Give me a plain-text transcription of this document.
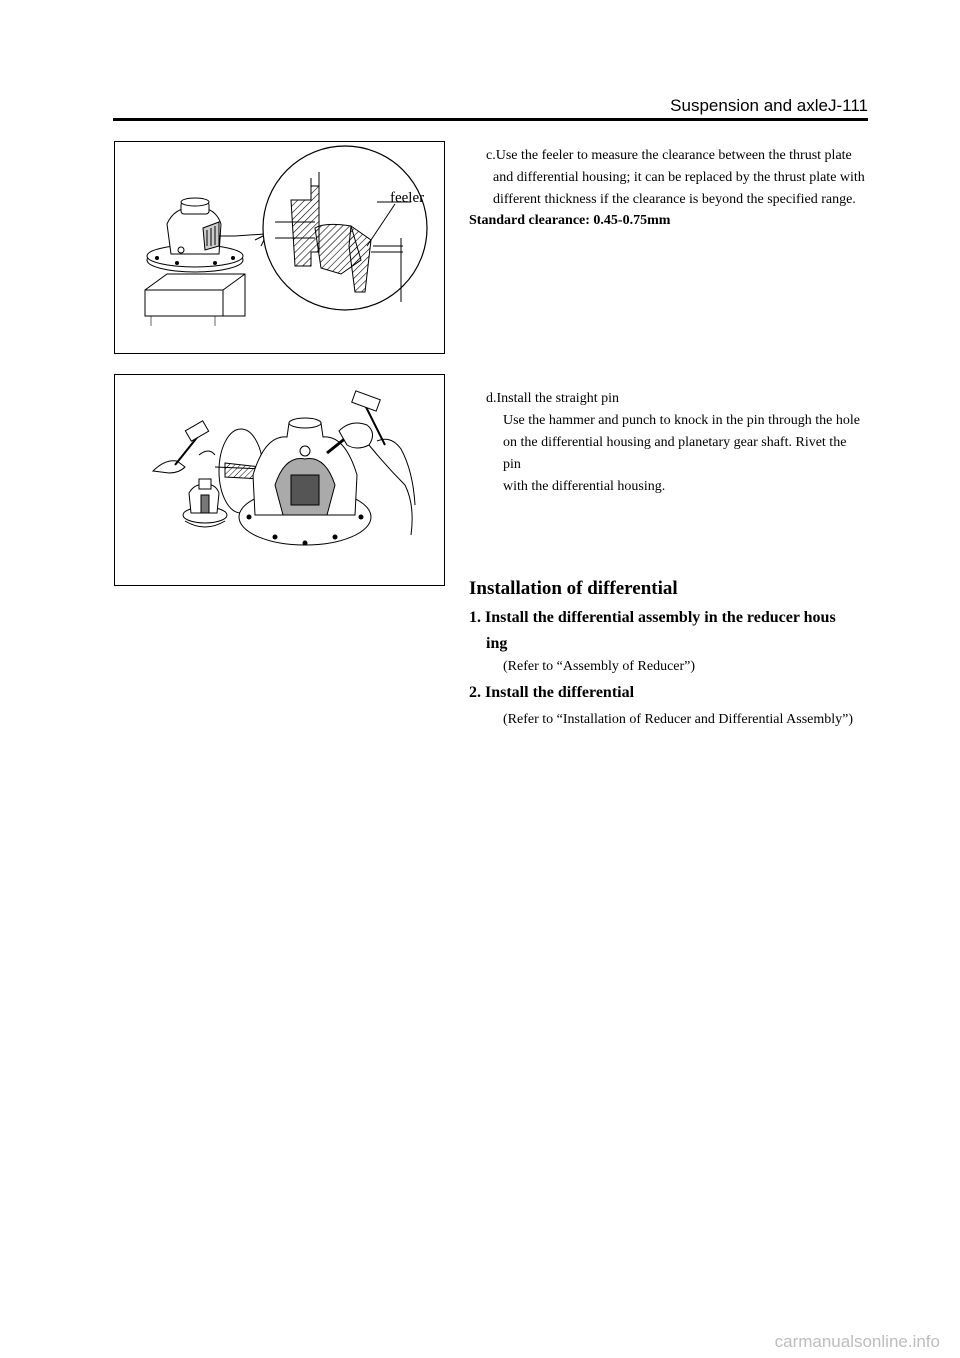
Suspension and axleJ-111
feeler

c.Use the feeler to measure the clearance between the thrust plate

and differential housing; it can be replaced by the thrust plate with

different thickness if the clearance is beyond the specified range.

Standard clearance: 0.45-0.75mm

d.Install the straight pin

Use the hammer and punch to knock in the pin through the hole

on the differential housing and planetary gear shaft. Rivet the pin

with the differential housing.

Installation of differential
1. Install the differential assembly in the reducer hous
ing
(Refer to “Assembly of Reducer”)
2. Install the differential
(Refer to “Installation of Reducer and Differential Assembly”)
carmanualsonline.info
